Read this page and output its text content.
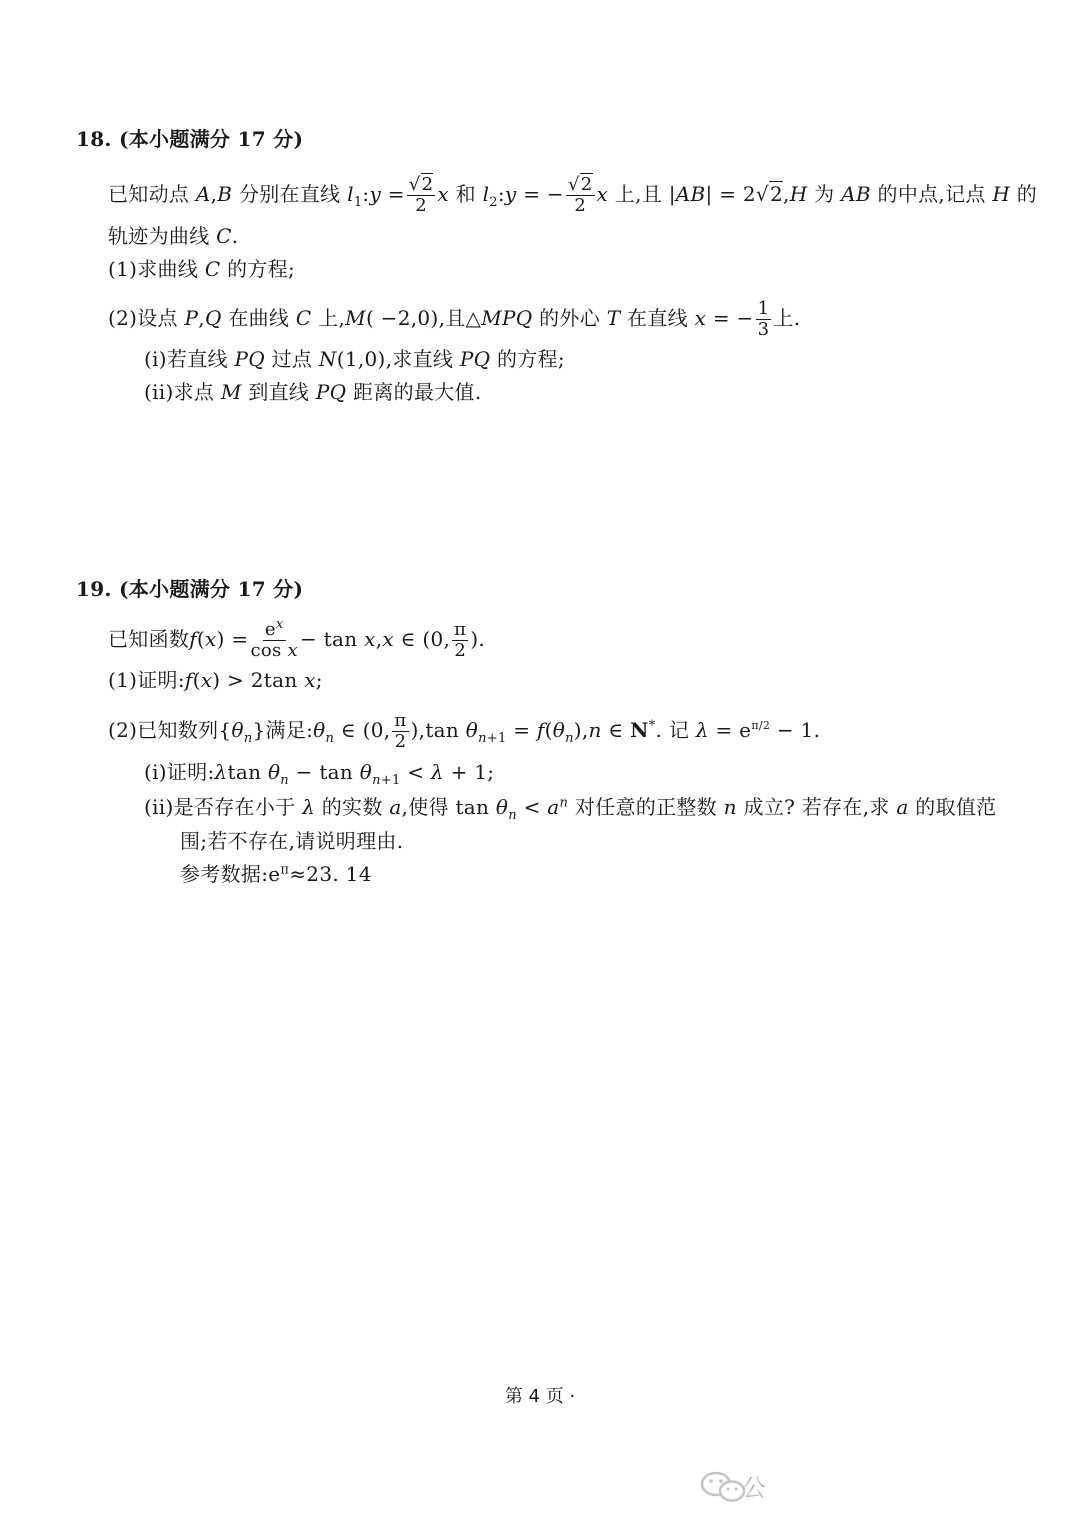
18. (本小题满分 17 分)
已知动点 A,B 分别在直线 $l_1:y = \frac{√2}{2}$ x 和 $l_2:y$ = − $\frac{√2}{2}$ x 上,且 |AB| = 2√2,H 为 AB 的中点,记点 H 的
轨迹为曲线 C.
(1)求曲线 C 的方程;
(2)设点 P,Q 在曲线 C 上,M( −2,0),且△MPQ 的外心 T 在直线 x = − $\frac{1}{3}$ 上.
(i)若直线 PQ 过点 N(1,0),求直线 PQ 的方程;
(ii)求点 M 到直线 PQ 距离的最大值.
19. (本小题满分 17 分)
已知函数$f(x) = \frac{e^x}{\text{cos x}} - \tan x,x$ ∈ (0, $\frac{\pi}{2}$ ).
(1)证明:f(x) > 2tan x;
(2)已知数列$\{\theta_n\}$满足$:\theta_n$ ∈ (0, $\frac{\pi}{2} ),\tan$ $\theta_{n+1} = f(\theta_n),n$ ∈ N*. 记 $\lambda = e^{\pi/2} - 1$.
(i)证明:λtan $\theta_n - \tan \theta_{n+1} < \lambda + 1$;
(ii)是否存在小于 λ 的实数 a,使得 $\tan \theta_n < a^n$ 对任意的正整数 n 成立? 若存在,求 a 的取值范
围;若不存在,请说明理由.
参考数据$:e^\pi\approx 23$. 14
第 4 页 ·
公
